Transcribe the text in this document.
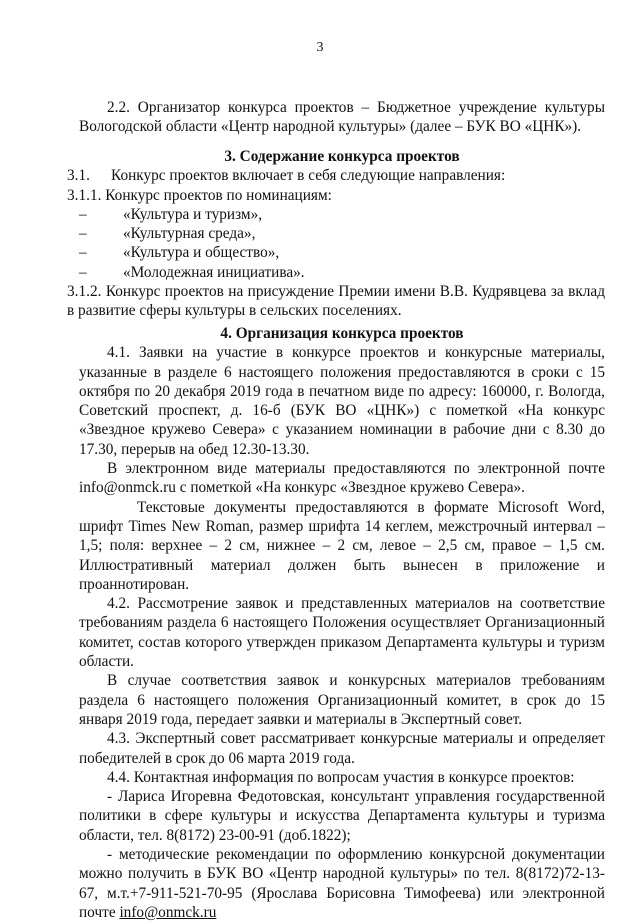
3

2.2. Организатор конкурса проектов – Бюджетное учреждение культуры Вологодской области «Центр народной культуры» (далее – БУК ВО «ЦНК»).

3. Содержание конкурса проектов

3.1. Конкурс проектов включает в себя следующие направления:

3.1.1. Конкурс проектов по номинациям:

– «Культура и туризм»,

– «Культурная среда»,

– «Культура и общество»,

– «Молодежная инициатива».

3.1.2. Конкурс проектов на присуждение Премии имени В.В. Кудрявцева за вклад в развитие сферы культуры в сельских поселениях.

4. Организация конкурса проектов

4.1. Заявки на участие в конкурсе проектов и конкурсные материалы, указанные в разделе 6 настоящего положения предоставляются в сроки с 15 октября по 20 декабря 2019 года в печатном виде по адресу: 160000, г. Вологда, Советский проспект, д. 16-б (БУК ВО «ЦНК») с пометкой «На конкурс «Звездное кружево Севера» с указанием номинации в рабочие дни с 8.30 до 17.30, перерыв на обед 12.30-13.30.

В электронном виде материалы предоставляются по электронной почте info@onmck.ru с пометкой «На конкурс «Звездное кружево Севера».

Текстовые документы предоставляются в формате Microsoft Word, шрифт Times New Roman, размер шрифта 14 кеглем, межстрочный интервал – 1,5; поля: верхнее – 2 см, нижнее – 2 см, левое – 2,5 см, правое – 1,5 см. Иллюстративный материал должен быть вынесен в приложение и проаннотирован.

4.2. Рассмотрение заявок и представленных материалов на соответствие требованиям раздела 6 настоящего Положения осуществляет Организационный комитет, состав которого утвержден приказом Департамента культуры и туризм области.

В случае соответствия заявок и конкурсных материалов требованиям раздела 6 настоящего положения Организационный комитет, в срок до 15 января 2019 года, передает заявки и материалы в Экспертный совет.

4.3. Экспертный совет рассматривает конкурсные материалы и определяет победителей в срок до 06 марта 2019 года.

4.4. Контактная информация по вопросам участия в конкурсе проектов:

- Лариса Игоревна Федотовская, консультант управления государственной политики в сфере культуры и искусства Департамента культуры и туризма области, тел. 8(8172) 23-00-91 (доб.1822);

- методические рекомендации по оформлению конкурсной документации можно получить в БУК ВО «Центр народной культуры» по тел. 8(8172)72-13-67, м.т.+7-911-521-70-95 (Ярослава Борисовна Тимофеева) или электронной почте info@onmck.ru
